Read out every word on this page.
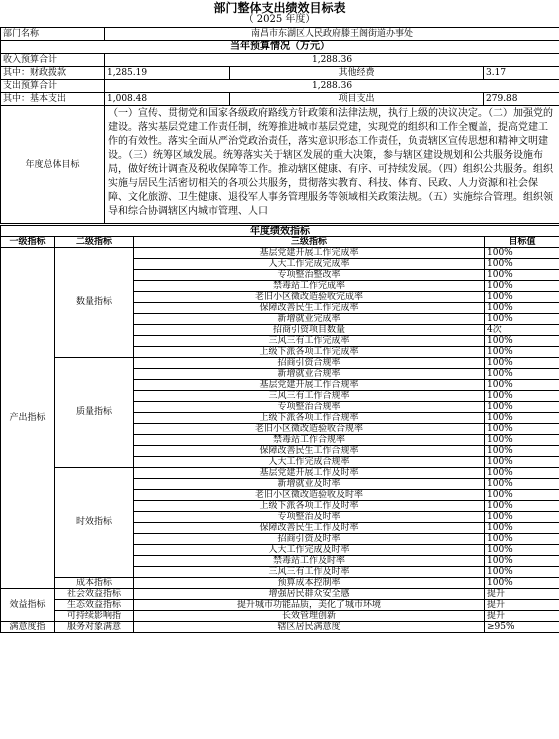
部门整体支出绩效目标表
（ 2025 年度）
部门名称	南昌市东湖区人民政府滕王阁街道办事处		
当年预算情况（万元）			
收入预算合计	1,288.36		
其中：财政拨款	1,285.19	其他经费	3.17
支出预算合计	1,288.36		
其中：基本支出	1,008.48	项目支出	279.88
年度总体目标	（一）宣传、贯彻党和国家各级政府路线方针政策和法律法规，执行上级的决议决定。（二）加强党的建设。落实基层党建工作责任制，统筹推进城市基层党建，实现党的组织和工作全覆盖，提高党建工作的有效性。落实全面从严治党政治责任，落实意识形态工作责任，负责辖区宣传思想和精神文明建设。（三）统筹区域发展。统筹落实关于辖区发展的重大决策，参与辖区建设规划和公共服务设施布局，做好统计调查及税收保障等工作。推动辖区健康、有序、可持续发展。（四）组织公共服务。组织实施与居民生活密切相关的各项公共服务，贯彻落实教育、科技、体育、民政、人力资源和社会保障、文化旅游、卫生健康、退役军人事务管理服务等领域相关政策法规。（五）实施综合管理。组织领导和综合协调辖区内城市管理、人口		
年度绩效指标			
一级指标	二级指标	三级指标	目标值
产出指标	数量指标	基层党建开展工作完成率	100%
		人大工作完成完成率	100%
		专项整治整改率	100%
		禁毒站工作完成率	100%
		老旧小区微改造验收完成率	100%
		保障改善民生工作完成率	100%
		新增就业完成率	100%
		招商引资项目数量	4次
		三风三有工作完成率	100%
		上级下派各项工作完成率	100%
	质量指标	招商引资合规率	100%
		新增就业合规率	100%
		基层党建开展工作合规率	100%
		三风三有工作合规率	100%
		专项整治合规率	100%
		上级下派各项工作合规率	100%
		老旧小区微改造验收合规率	100%
		禁毒站工作合规率	100%
		保障改善民生工作合规率	100%
		人大工作完成合规率	100%
	时效指标	基层党建开展工作及时率	100%
		新增就业及时率	100%
		老旧小区微改造验收及时率	100%
		上级下派各项工作及时率	100%
		专项整治及时率	100%
		保障改善民生工作及时率	100%
		招商引资及时率	100%
		人大工作完成及时率	100%
		禁毒站工作及时率	100%
		三风三有工作及时率	100%
	成本指标	预算成本控制率	100%
效益指标	社会效益指标	增强居民群众安全感	提升
	生态效益指标	提升城市功能品质，美化了城市环境	提升
	可持续影响指	长效管理创新	提升
满意度指	服务对象满意	辖区居民满意度	≥95%
